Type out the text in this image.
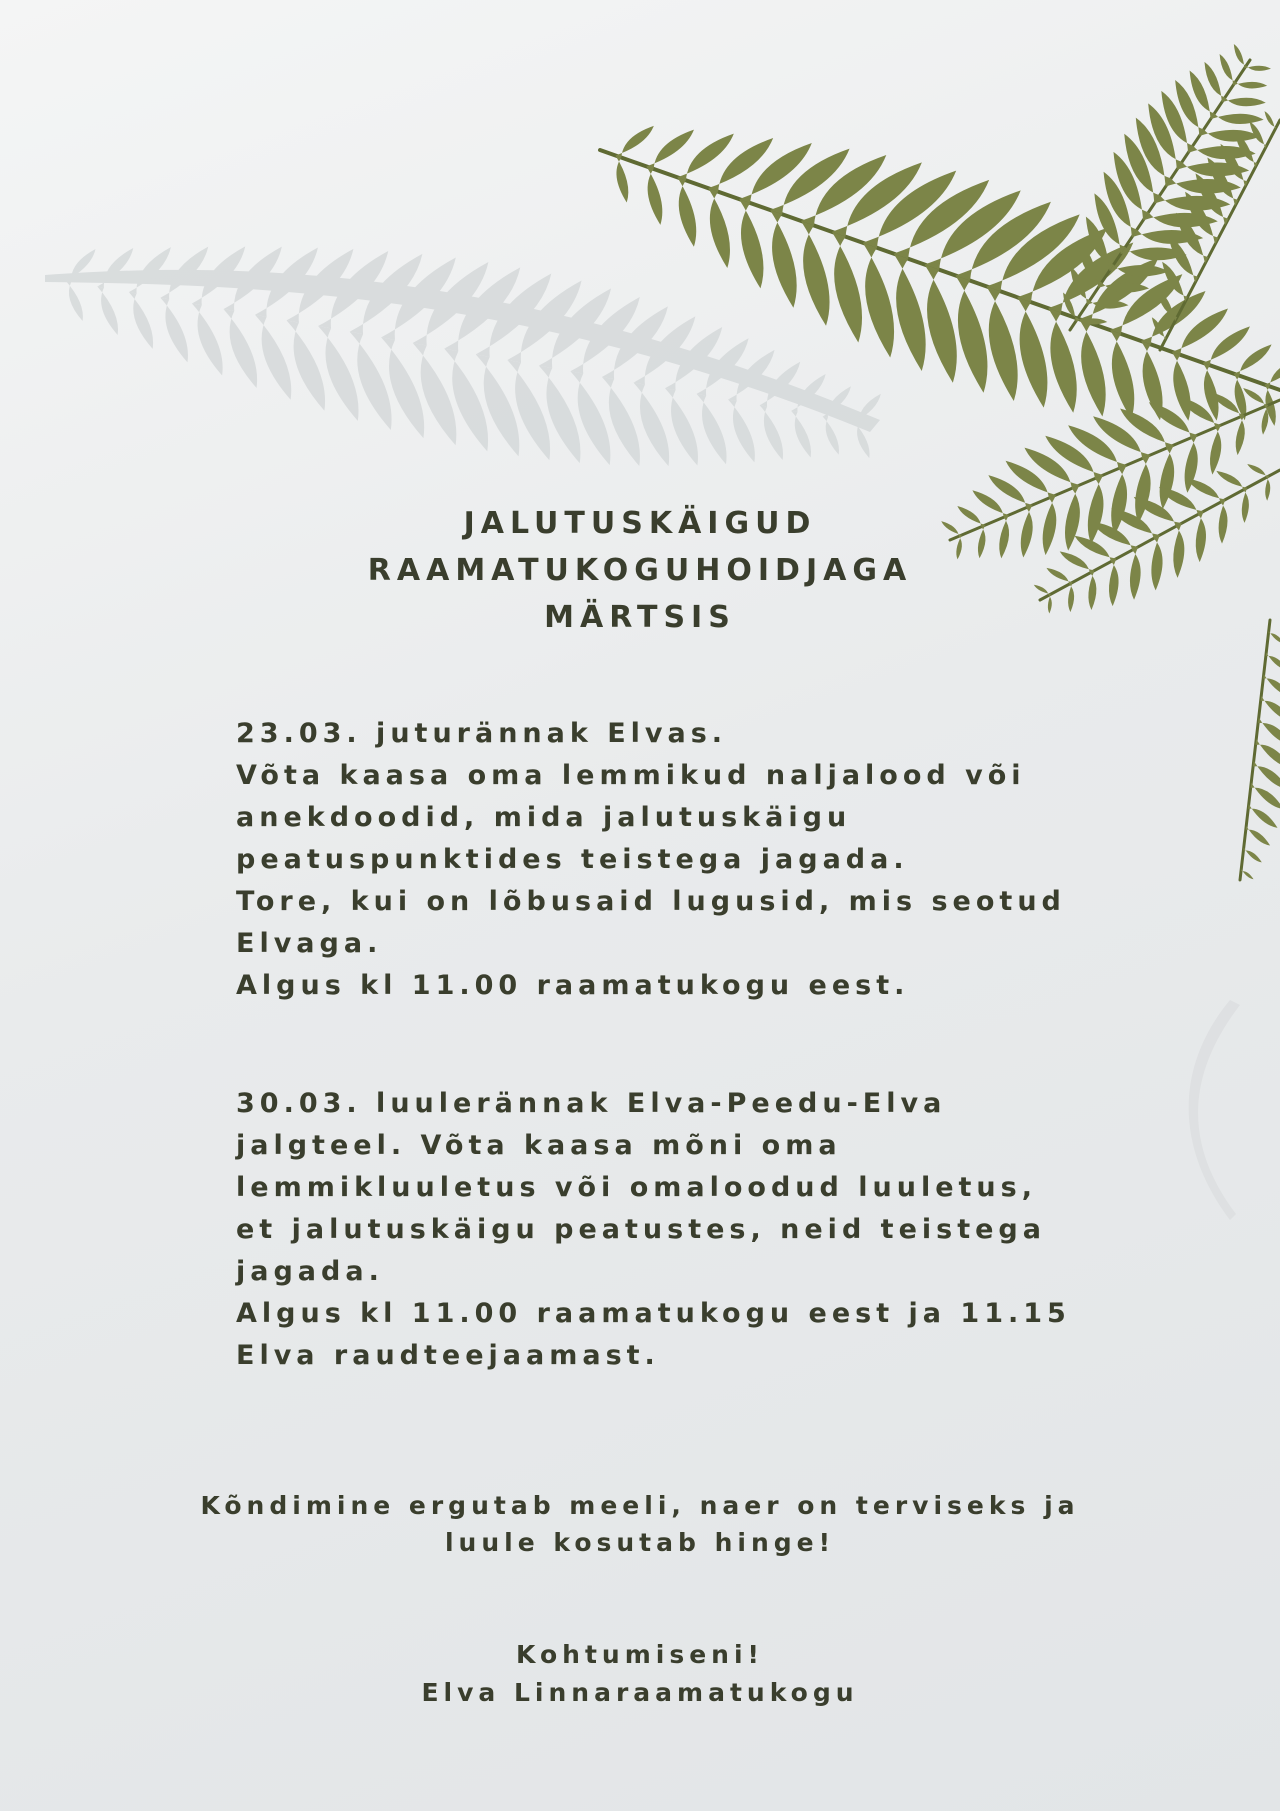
JALUTUSKÄIGUD
RAAMATUKOGUHOIDJAGA
MÄRTSIS
23.03. juturännak Elvas.
Võta kaasa oma lemmikud naljalood või
anekdoodid, mida jalutuskäigu
peatuspunktides teistega jagada.
Tore, kui on lõbusaid lugusid, mis seotud
Elvaga.
Algus kl 11.00 raamatukogu eest.
30.03. luulerännak Elva-Peedu-Elva
jalgteel. Võta kaasa mõni oma
lemmikluuletus või omaloodud luuletus,
et jalutuskäigu peatustes, neid teistega
jagada.
Algus kl 11.00 raamatukogu eest ja 11.15
Elva raudteejaamast.
Kõndimine ergutab meeli, naer on terviseks ja
luule kosutab hinge!
Kohtumiseni!
Elva Linnaraamatukogu
